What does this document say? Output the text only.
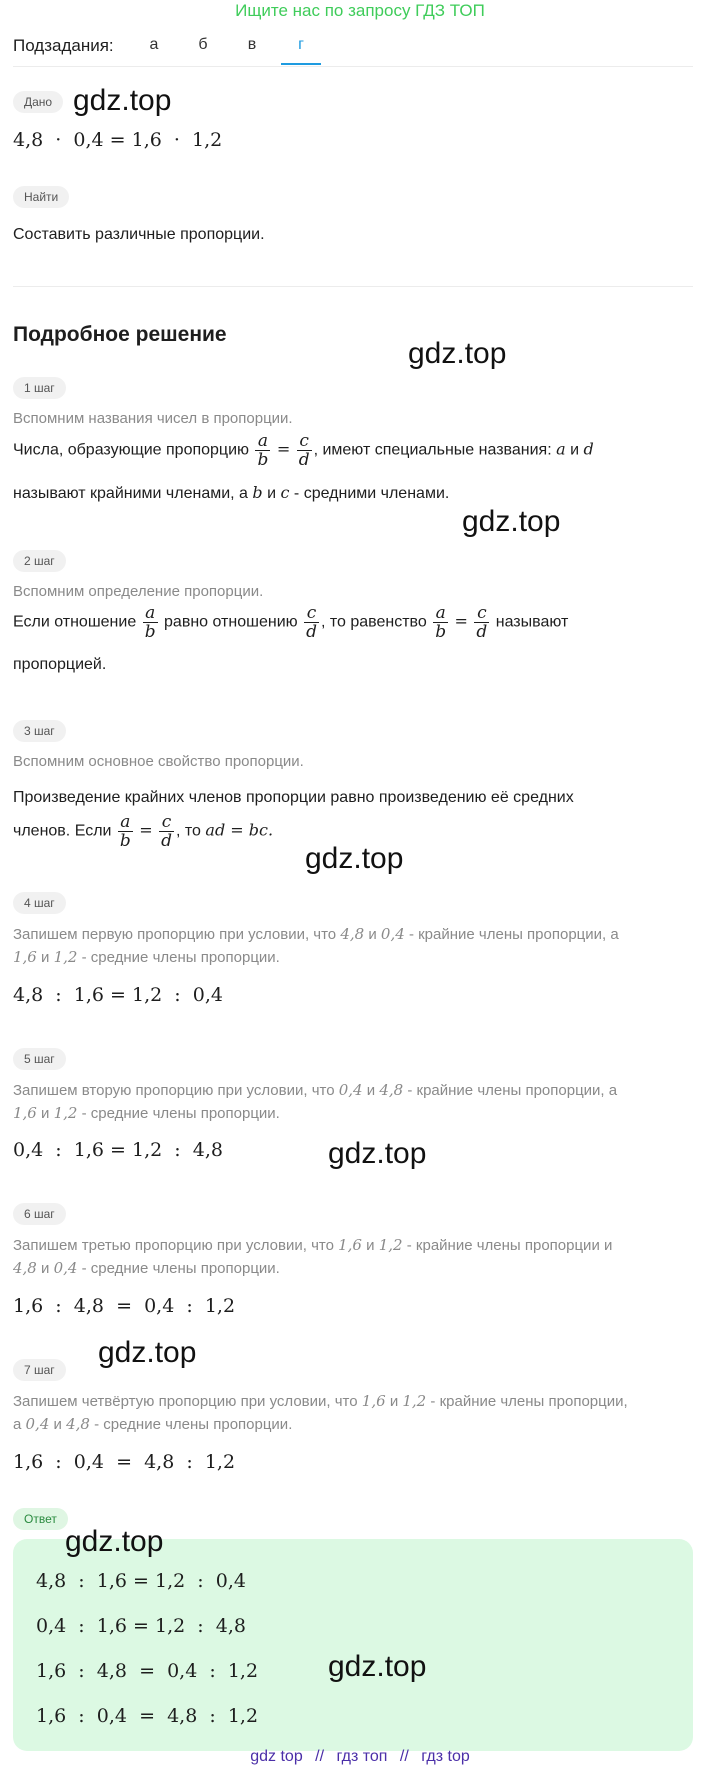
Ищите нас по запросу ГДЗ ТОП
Подзадания:	а	б	в	г
Дано gdz.top
4,8  ·  0,4 = 1,6  ·  1,2
Найти
Составить различные пропорции.
Подробное решение
gdz.top
1 шаг
Вспомним названия чисел в пропорции.
Числа, образующие пропорцию $\frac{a}{b} = \frac{c}{d}$ , имеют специальные названия: a и d
называют крайними членами, а b и c - средними членами.
gdz.top
2 шаг
Вспомним определение пропорции.
Если отношение $\frac{a}{b}$ равно отношению $\frac{c}{d}$ , то равенство $\frac{a}{b} = \frac{c}{d}$ называют
пропорцией.
3 шаг
Вспомним основное свойство пропорции.
Произведение крайних членов пропорции равно произведению её средних
членов. Если $\frac{a}{b} = \frac{c}{d}$ , то ad = bc.
gdz.top
4 шаг
Запишем первую пропорцию при условии, что 4,8 и 0,4 - крайние члены пропорции, а
1,6 и 1,2 - средние члены пропорции.
4,8  :  1,6 = 1,2  :  0,4
5 шаг
Запишем вторую пропорцию при условии, что 0,4 и 4,8 - крайние члены пропорции, а
1,6 и 1,2 - средние члены пропорции.
0,4  :  1,6 = 1,2  :  4,8	gdz.top
6 шаг
Запишем третью пропорцию при условии, что 1,6 и 1,2 - крайние члены пропорции и
4,8 и 0,4 - средние члены пропорции.
1,6  :  4,8  =  0,4  :  1,2
gdz.top
7 шаг
Запишем четвёртую пропорцию при условии, что 1,6 и 1,2 - крайние члены пропорции,
а 0,4 и 4,8 - средние члены пропорции.
1,6  :  0,4  =  4,8  :  1,2
Ответ
gdz.top
4,8  :  1,6 = 1,2  :  0,4
0,4  :  1,6 = 1,2  :  4,8
1,6  :  4,8  =  0,4  :  1,2 gdz.top
1,6  :  0,4  =  4,8  :  1,2
gdz top // гдз топ // гдз top
